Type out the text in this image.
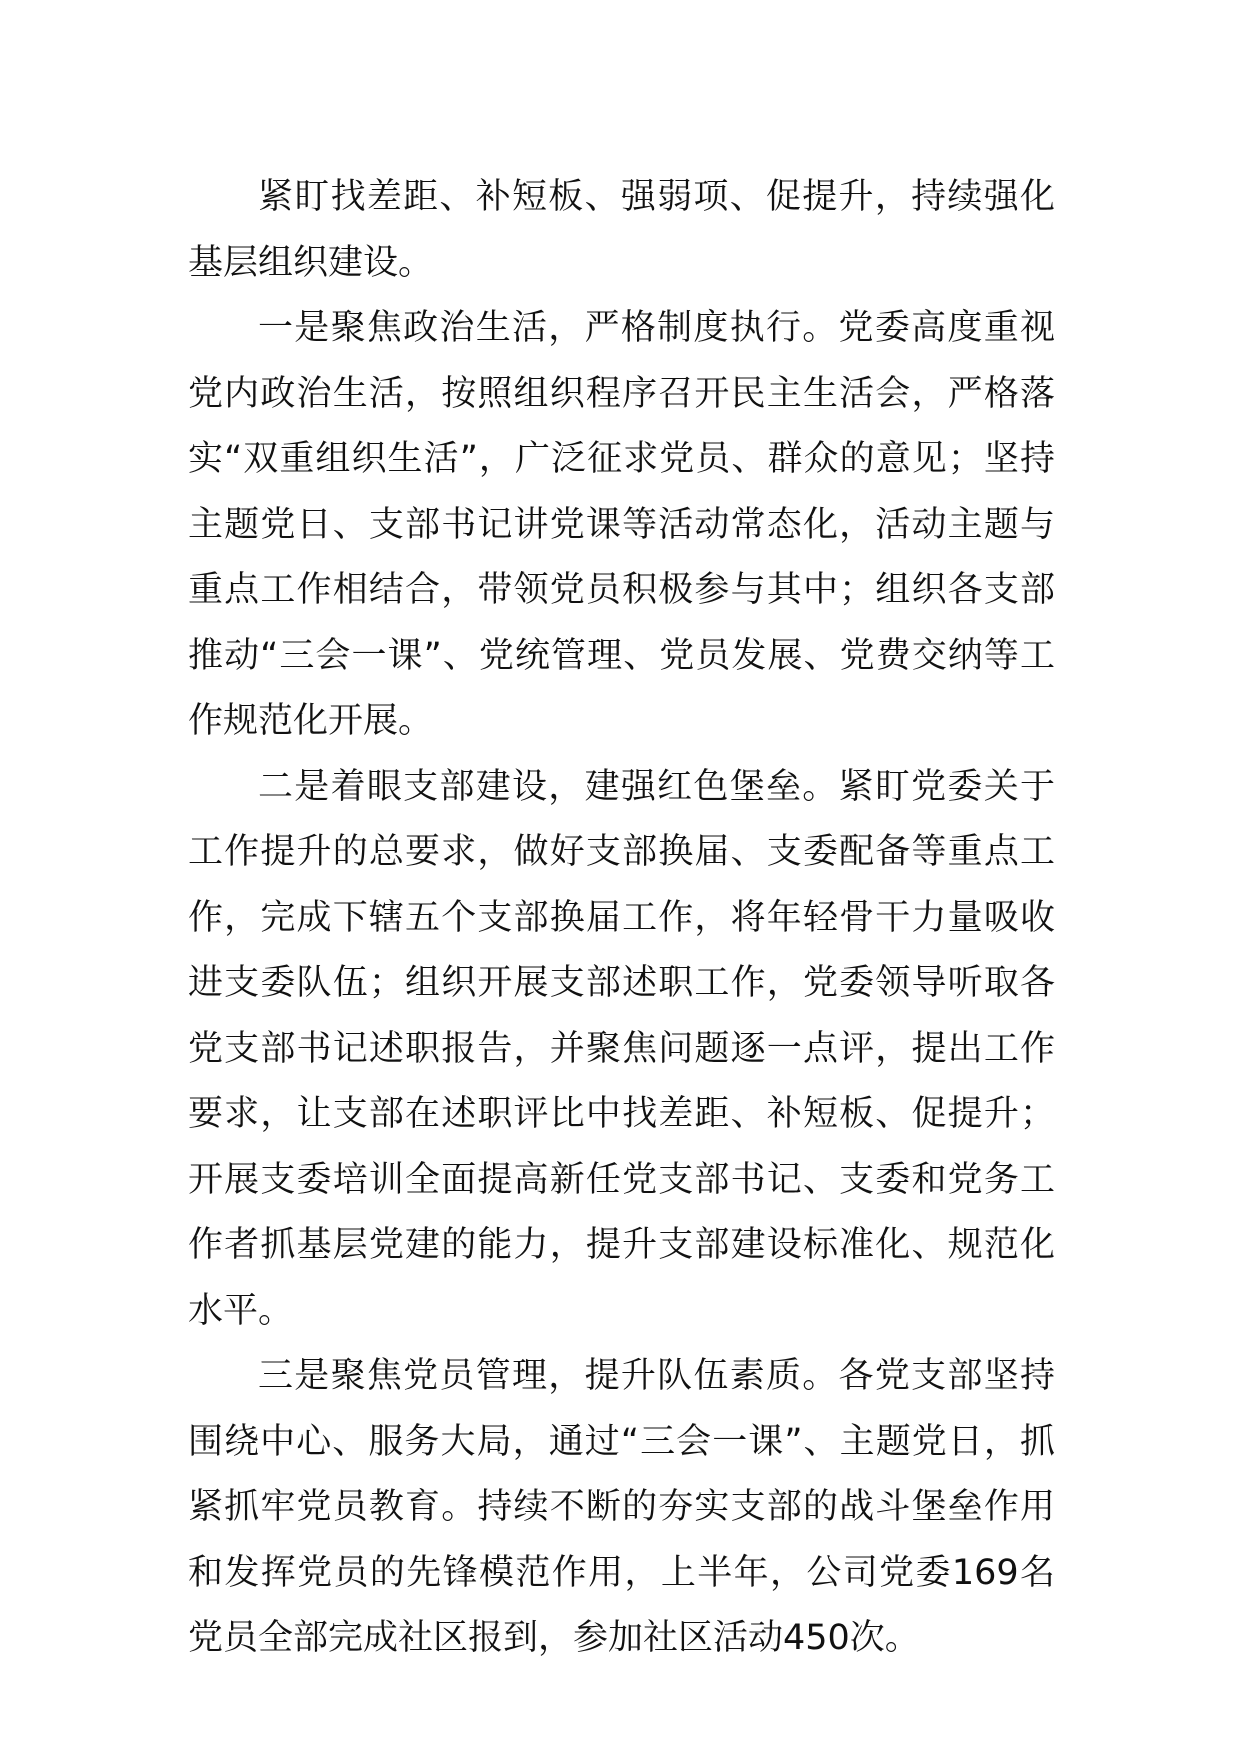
紧盯找差距、补短板、强弱项、促提升，持续强化基层组织建设。

一是聚焦政治生活，严格制度执行。党委高度重视党内政治生活，按照组织程序召开民主生活会，严格落实“双重组织生活”，广泛征求党员、群众的意见；坚持主题党日、支部书记讲党课等活动常态化，活动主题与重点工作相结合，带领党员积极参与其中；组织各支部推动“三会一课”、党统管理、党员发展、党费交纳等工作规范化开展。

二是着眼支部建设，建强红色堡垒。紧盯党委关于工作提升的总要求，做好支部换届、支委配备等重点工作，完成下辖五个支部换届工作，将年轻骨干力量吸收进支委队伍；组织开展支部述职工作，党委领导听取各党支部书记述职报告，并聚焦问题逐一点评，提出工作要求，让支部在述职评比中找差距、补短板、促提升；开展支委培训全面提高新任党支部书记、支委和党务工作者抓基层党建的能力，提升支部建设标准化、规范化水平。

三是聚焦党员管理，提升队伍素质。各党支部坚持围绕中心、服务大局，通过“三会一课”、主题党日，抓紧抓牢党员教育。持续不断的夯实支部的战斗堡垒作用和发挥党员的先锋模范作用，上半年，公司党委169名党员全部完成社区报到，参加社区活动450次。
